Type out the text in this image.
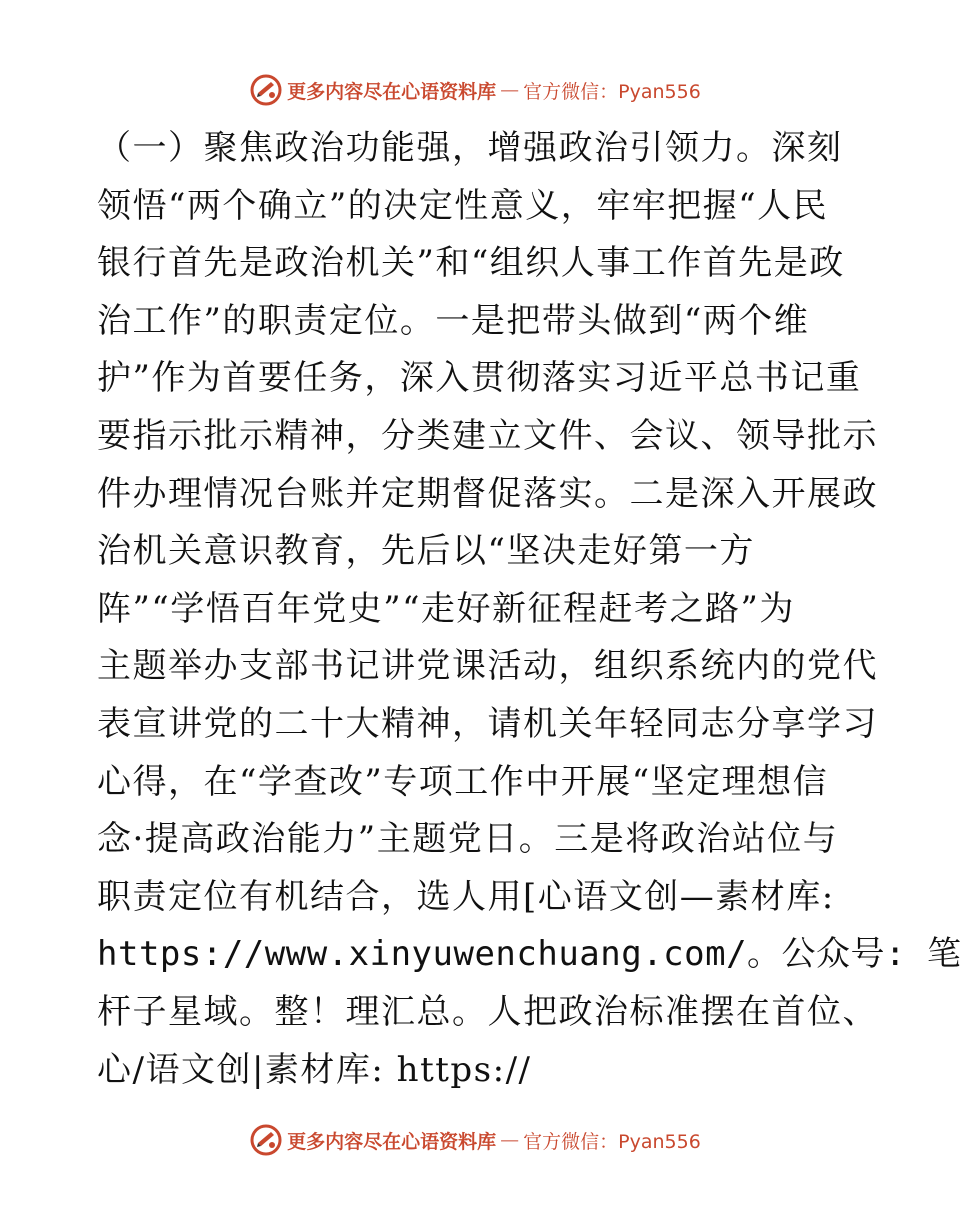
更多内容尽在心语资料库 — 官方微信：Pyan556
（一）聚焦政治功能强，增强政治引领力。深刻
领悟“两个确立”的决定性意义，牢牢把握“人民
银行首先是政治机关”和“组织人事工作首先是政
治工作”的职责定位。一是把带头做到“两个维
护”作为首要任务，深入贯彻落实习近平总书记重
要指示批示精神，分类建立文件、会议、领导批示
件办理情况台账并定期督促落实。二是深入开展政
治机关意识教育，先后以“坚决走好第一方
阵”“学悟百年党史”“走好新征程赶考之路”为
主题举办支部书记讲党课活动，组织系统内的党代
表宣讲党的二十大精神，请机关年轻同志分享学习
心得，在“学查改”专项工作中开展“坚定理想信
念·提高政治能力”主题党日。三是将政治站位与
职责定位有机结合，选人用[心语文创—素材库:
https://www.xinyuwenchuang.com/。公众号: 笔
杆子星域。整！理汇总。人把政治标准摆在首位、
心/语文创|素材库: https://
更多内容尽在心语资料库 — 官方微信：Pyan556
